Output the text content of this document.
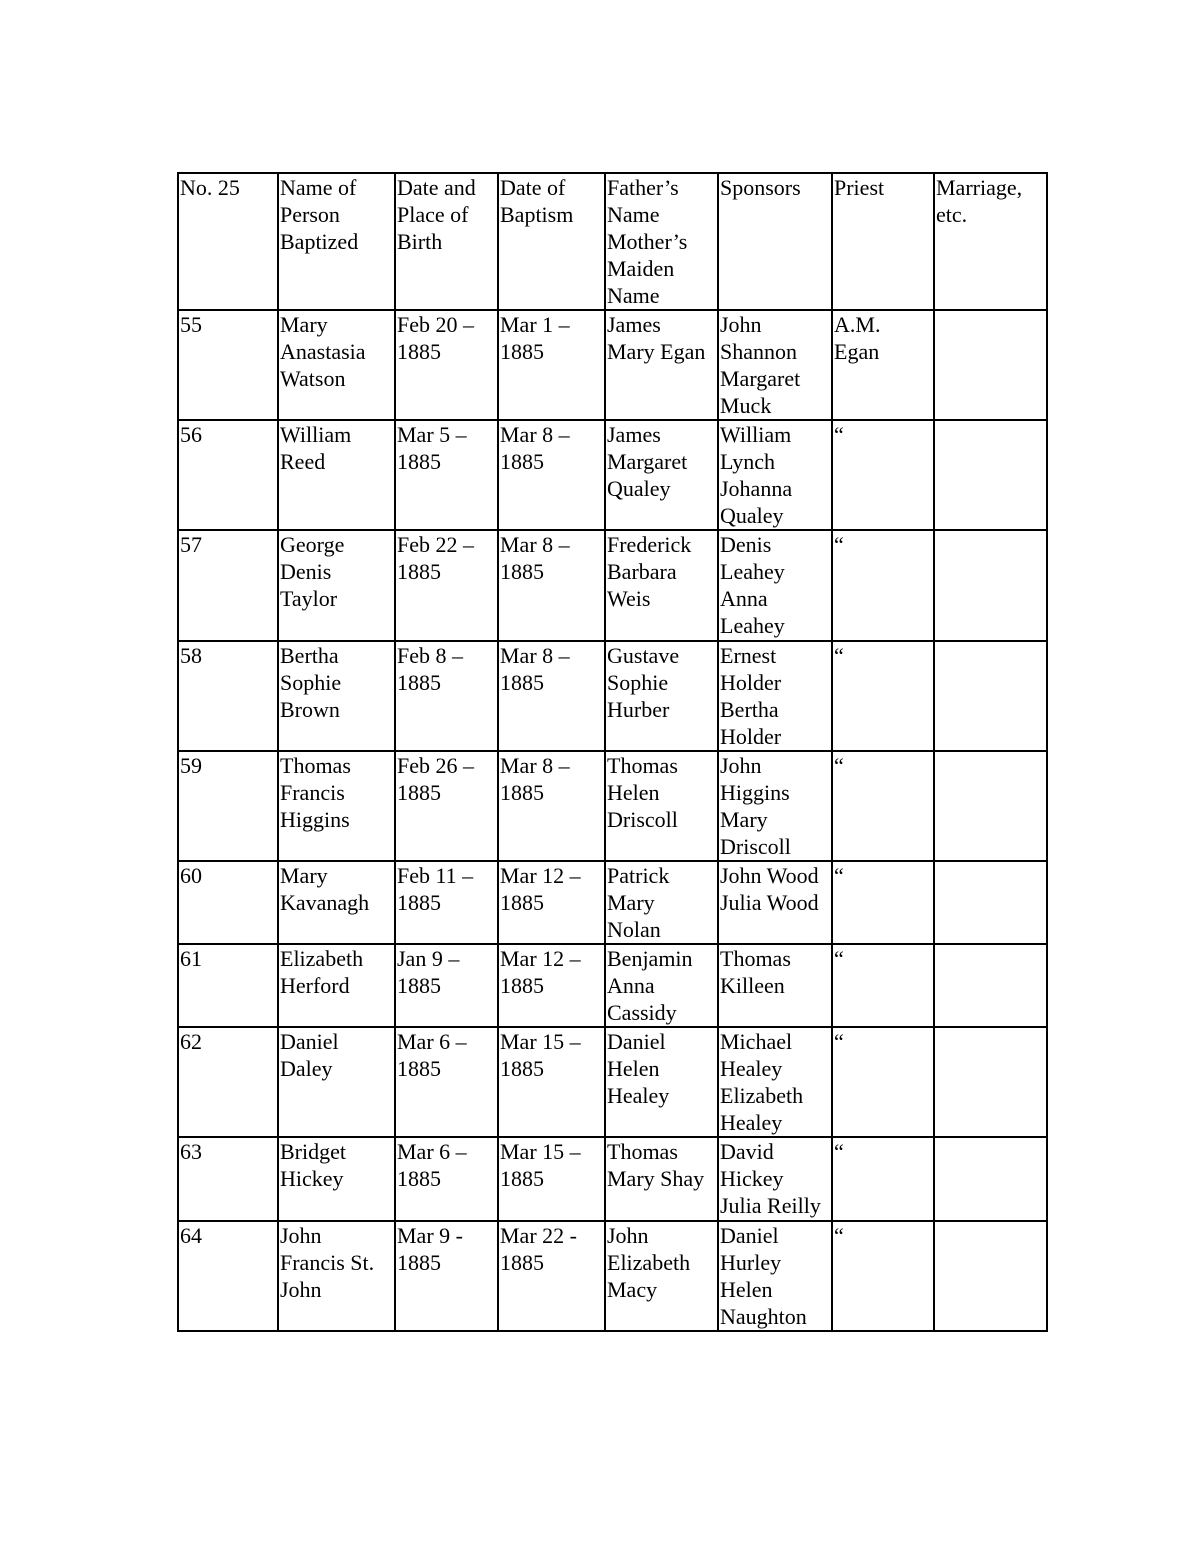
No. 25	Name of
Person
Baptized	Date and
Place of
Birth	Date of
Baptism	Father’s
Name
Mother’s
Maiden
Name	Sponsors	Priest	Marriage,
etc.

55	Mary
Anastasia
Watson	Feb 20 –
1885	Mar 1 –
1885	James
Mary Egan	John
Shannon
Margaret
Muck	A.M.
Egan	

56	William
Reed	Mar 5 –
1885	Mar 8 –
1885	James
Margaret
Qualey	William
Lynch
Johanna
Qualey	“	

57	George
Denis
Taylor	Feb 22 –
1885	Mar 8 –
1885	Frederick
Barbara
Weis	Denis
Leahey
Anna
Leahey	“	

58	Bertha
Sophie
Brown	Feb 8 –
1885	Mar 8 –
1885	Gustave
Sophie
Hurber	Ernest
Holder
Bertha
Holder	“	

59	Thomas
Francis
Higgins	Feb 26 –
1885	Mar 8 –
1885	Thomas
Helen
Driscoll	John
Higgins
Mary
Driscoll	“	

60	Mary
Kavanagh	Feb 11 –
1885	Mar 12 –
1885	Patrick
Mary
Nolan	John Wood
Julia Wood	“	

61	Elizabeth
Herford	Jan 9 –
1885	Mar 12 –
1885	Benjamin
Anna
Cassidy	Thomas
Killeen	“	

62	Daniel
Daley	Mar 6 –
1885	Mar 15 –
1885	Daniel
Helen
Healey	Michael
Healey
Elizabeth
Healey	“	

63	Bridget
Hickey	Mar 6 –
1885	Mar 15 –
1885	Thomas
Mary Shay	David
Hickey
Julia Reilly	“	

64	John
Francis St.
John	Mar 9 -
1885	Mar 22 -
1885	John
Elizabeth
Macy	Daniel
Hurley
Helen
Naughton	“	
